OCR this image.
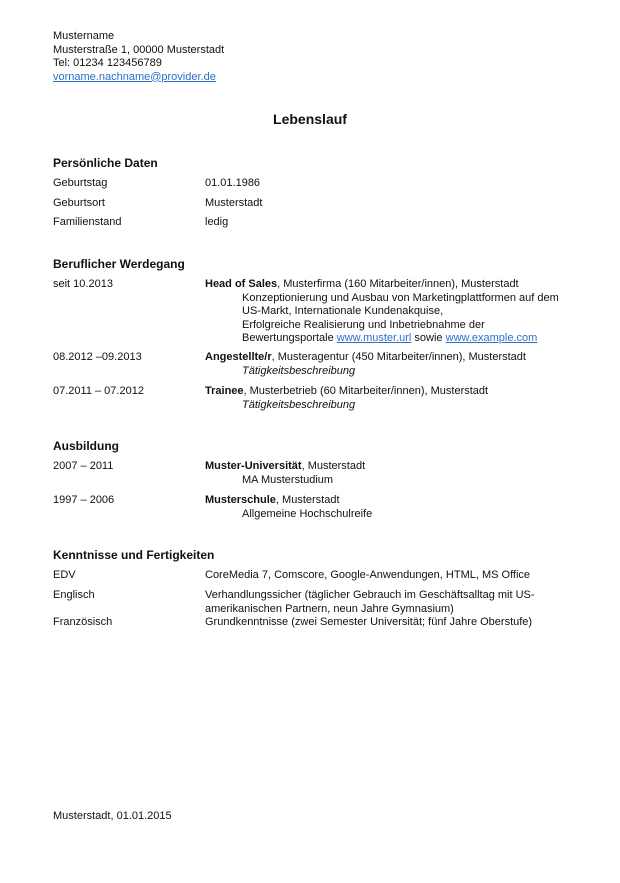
Mustername
Musterstraße 1, 00000 Musterstadt
Tel: 01234 123456789
vorname.nachname@provider.de
Lebenslauf
Persönliche Daten
Geburtstag	01.01.1986
Geburtsort	Musterstadt
Familienstand	ledig
Beruflicher Werdegang
seit 10.2013	Head of Sales, Musterfirma (160 Mitarbeiter/innen), Musterstadt
Konzeptionierung und Ausbau von Marketingplattformen auf dem US-Markt, Internationale Kundenakquise,
Erfolgreiche Realisierung und Inbetriebnahme der Bewertungsportale www.muster.url sowie www.example.com
08.2012 –09.2013	Angestellte/r, Musteragentur (450 Mitarbeiter/innen), Musterstadt
Tätigkeitsbeschreibung
07.2011 – 07.2012	Trainee, Musterbetrieb (60 Mitarbeiter/innen), Musterstadt
Tätigkeitsbeschreibung
Ausbildung
2007 – 2011	Muster-Universität, Musterstadt
MA Musterstudium
1997 – 2006	Musterschule, Musterstadt
Allgemeine Hochschulreife
Kenntnisse und Fertigkeiten
EDV	CoreMedia 7, Comscore, Google-Anwendungen, HTML, MS Office
Englisch	Verhandlungssicher (täglicher Gebrauch im Geschäftsalltag mit US-amerikanischen Partnern, neun Jahre Gymnasium)
Französisch	Grundkenntnisse (zwei Semester Universität; fünf Jahre Oberstufe)
Musterstadt, 01.01.2015
